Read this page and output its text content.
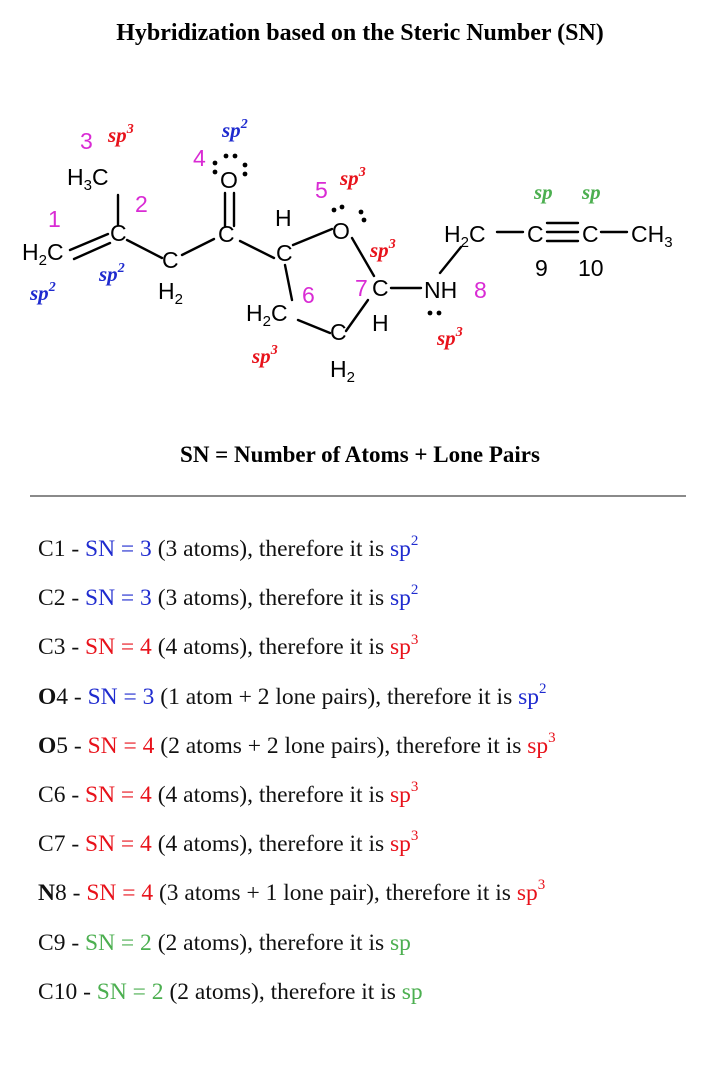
Hybridization based on the Steric Number (SN)
H2C
H3C
C
C
H2
C
O
H
C
O
H2C
C
H2
C
H
NH
H2C C C CH3
1
2
3
4
5
6 7	8
9 10
sp2
sp2
sp3	sp2
sp3
sp3
sp3
sp3
sp sp
SN = Number of Atoms + Lone Pairs
C1 - SN = 3 (3 atoms), therefore it is $sp^2$
C2 - SN = 3 (3 atoms), therefore it is $sp^2$
C3 - SN = 4 (4 atoms), therefore it is $sp^3$
O4 - SN = 3 (1 atom + 2 lone pairs), therefore it is $sp^2$
O5 - SN = 4 (2 atoms + 2 lone pairs), therefore it is $sp^3$
C6 - SN = 4 (4 atoms), therefore it is $sp^3$
C7 - SN = 4 (4 atoms), therefore it is $sp^3$
N8 - SN = 4 (3 atoms + 1 lone pair), therefore it is $sp^3$
C9 - SN = 2 (2 atoms), therefore it is sp
C10 - SN = 2 (2 atoms), therefore it is sp
